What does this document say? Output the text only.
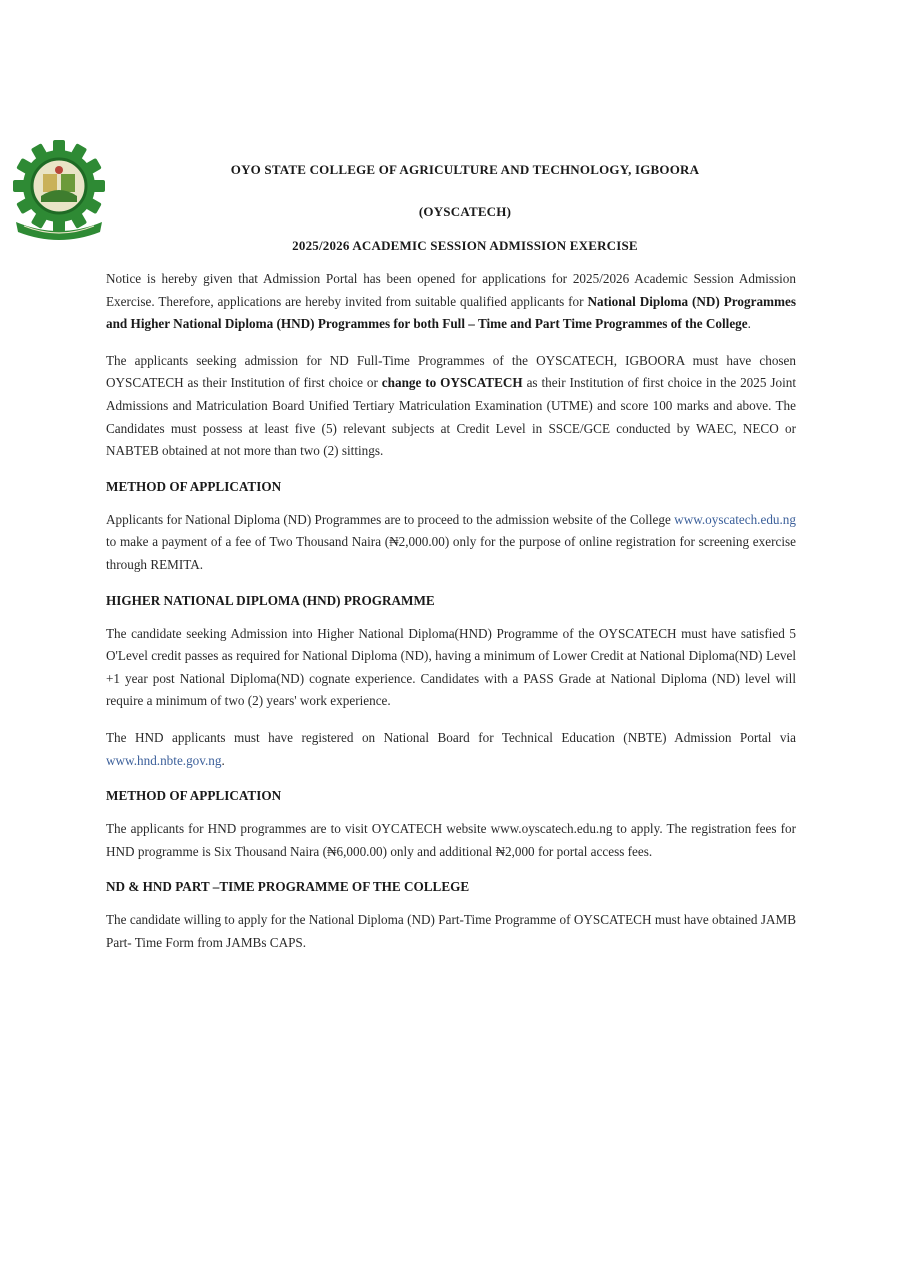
OYO STATE COLLEGE OF AGRICULTURE AND TECHNOLOGY, IGBOORA
(OYSCATECH)
2025/2026 ACADEMIC SESSION ADMISSION EXERCISE

Notice is hereby given that Admission Portal has been opened for applications for 2025/2026 Academic Session Admission Exercise. Therefore, applications are hereby invited from suitable qualified applicants for National Diploma (ND) Programmes and Higher National Diploma (HND) Programmes for both Full – Time and Part Time Programmes of the College.

The applicants seeking admission for ND Full-Time Programmes of the OYSCATECH, IGBOORA must have chosen OYSCATECH as their Institution of first choice or change to OYSCATECH as their Institution of first choice in the 2025 Joint Admissions and Matriculation Board Unified Tertiary Matriculation Examination (UTME) and score 100 marks and above. The Candidates must possess at least five (5) relevant subjects at Credit Level in SSCE/GCE conducted by WAEC, NECO or NABTEB obtained at not more than two (2) sittings.

METHOD OF APPLICATION

Applicants for National Diploma (ND) Programmes are to proceed to the admission website of the College www.oyscatech.edu.ng to make a payment of a fee of Two Thousand Naira (₦2,000.00) only for the purpose of online registration for screening exercise through REMITA.

HIGHER NATIONAL DIPLOMA (HND) PROGRAMME

The candidate seeking Admission into Higher National Diploma(HND) Programme of the OYSCATECH must have satisfied 5 O'Level credit passes as required for National Diploma (ND), having a minimum of Lower Credit at National Diploma(ND) Level +1 year post National Diploma(ND) cognate experience. Candidates with a PASS Grade at National Diploma (ND) level will require a minimum of two (2) years' work experience.

The HND applicants must have registered on National Board for Technical Education (NBTE) Admission Portal via www.hnd.nbte.gov.ng.

METHOD OF APPLICATION

The applicants for HND programmes are to visit OYCATECH website www.oyscatech.edu.ng to apply. The registration fees for HND programme is Six Thousand Naira (₦6,000.00) only and additional ₦2,000 for portal access fees.

ND & HND PART –TIME PROGRAMME OF THE COLLEGE

The candidate willing to apply for the National Diploma (ND) Part-Time Programme of OYSCATECH must have obtained JAMB Part- Time Form from JAMBs CAPS.
